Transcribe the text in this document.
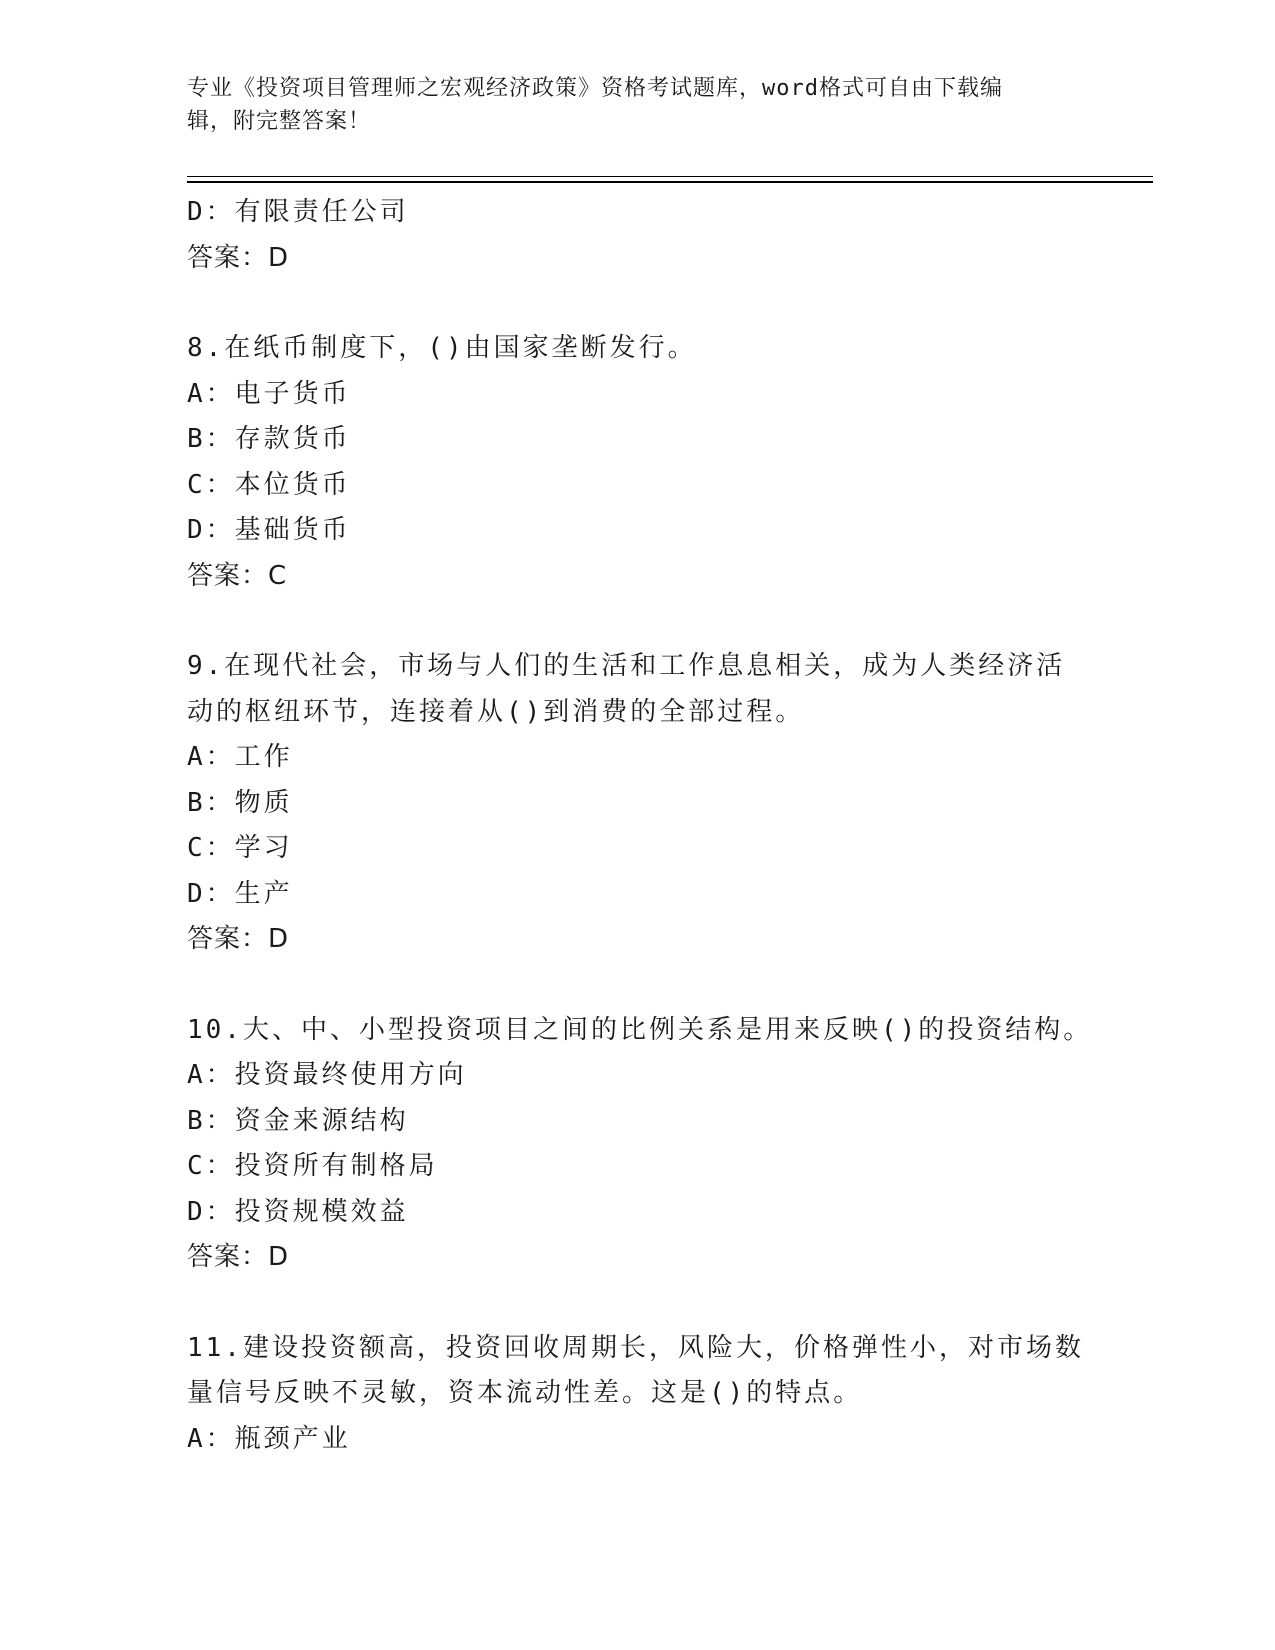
专业《投资项目管理师之宏观经济政策》资格考试题库，word格式可自由下载编
辑，附完整答案！
D：有限责任公司
答案：D
8.在纸币制度下，()由国家垄断发行。
A：电子货币
B：存款货币
C：本位货币
D：基础货币
答案：C
9.在现代社会，市场与人们的生活和工作息息相关，成为人类经济活
动的枢纽环节，连接着从()到消费的全部过程。
A：工作
B：物质
C：学习
D：生产
答案：D
10.大、中、小型投资项目之间的比例关系是用来反映()的投资结构。
A：投资最终使用方向
B：资金来源结构
C：投资所有制格局
D：投资规模效益
答案：D
11.建设投资额高，投资回收周期长，风险大，价格弹性小，对市场数
量信号反映不灵敏，资本流动性差。这是()的特点。
A：瓶颈产业
